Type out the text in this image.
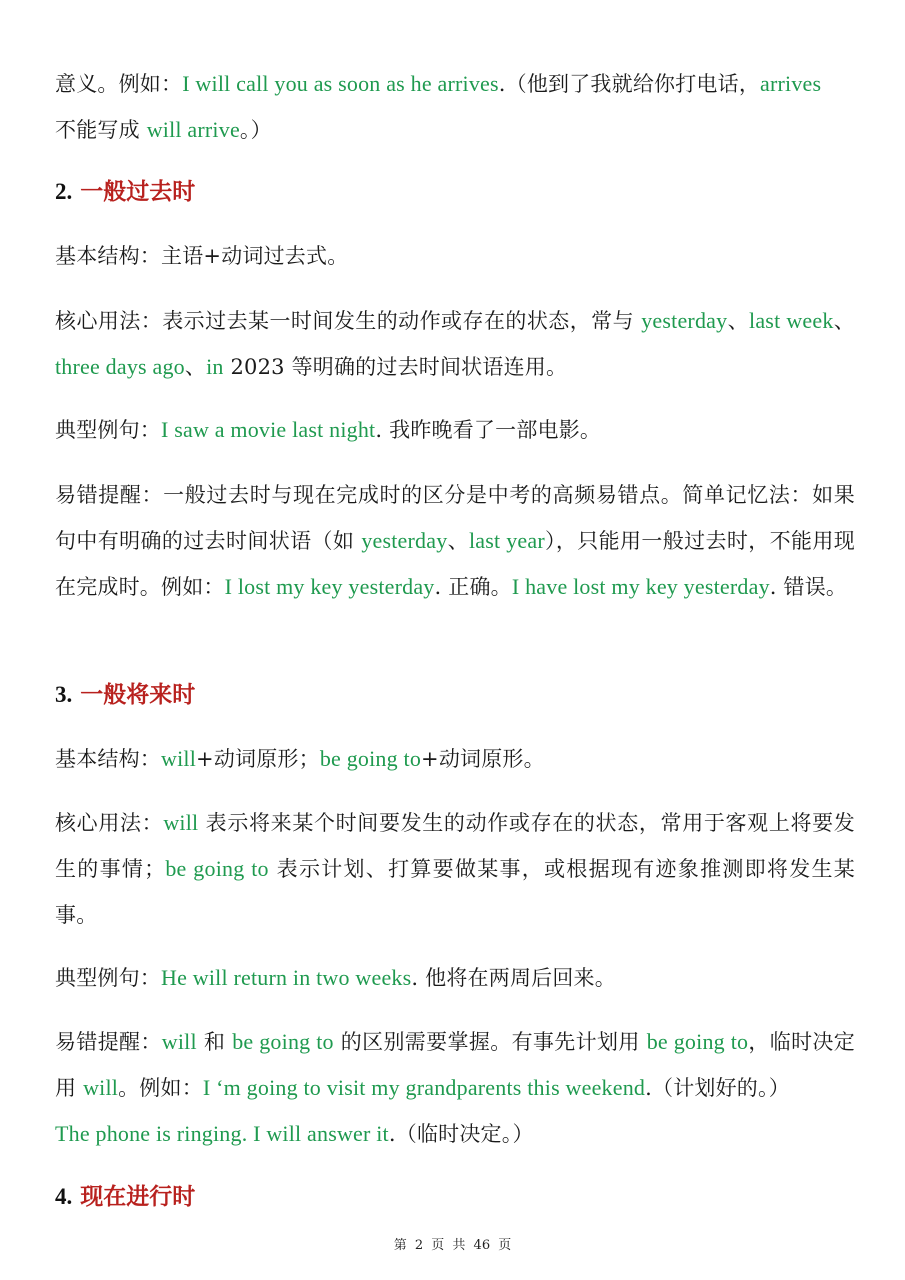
意义。例如：I will call you as soon as he arrives.（他到了我就给你打电话，arrives
不能写成 will arrive。）

2. 一般过去时

基本结构：主语+动词过去式。

核心用法：表示过去某一时间发生的动作或存在的状态，常与 yesterday、last week、three days ago、in 2023 等明确的过去时间状语连用。

典型例句：I saw a movie last night. 我昨晚看了一部电影。

易错提醒：一般过去时与现在完成时的区分是中考的高频易错点。简单记忆法：如果句中有明确的过去时间状语（如 yesterday、last year），只能用一般过去时，不能用现在完成时。例如：I lost my key yesterday. 正确。I have lost my key yesterday. 错误。

3. 一般将来时

基本结构：will+动词原形；be going to+动词原形。

核心用法：will 表示将来某个时间要发生的动作或存在的状态，常用于客观上将要发生的事情；be going to 表示计划、打算要做某事，或根据现有迹象推测即将发生某事。

典型例句：He will return in two weeks. 他将在两周后回来。

易错提醒：will 和 be going to 的区别需要掌握。有事先计划用 be going to，临时决定用 will。例如：I ‘m going to visit my grandparents this weekend.（计划好的。）
The phone is ringing. I will answer it.（临时决定。）

4. 现在进行时
第 2 页 共 46 页
